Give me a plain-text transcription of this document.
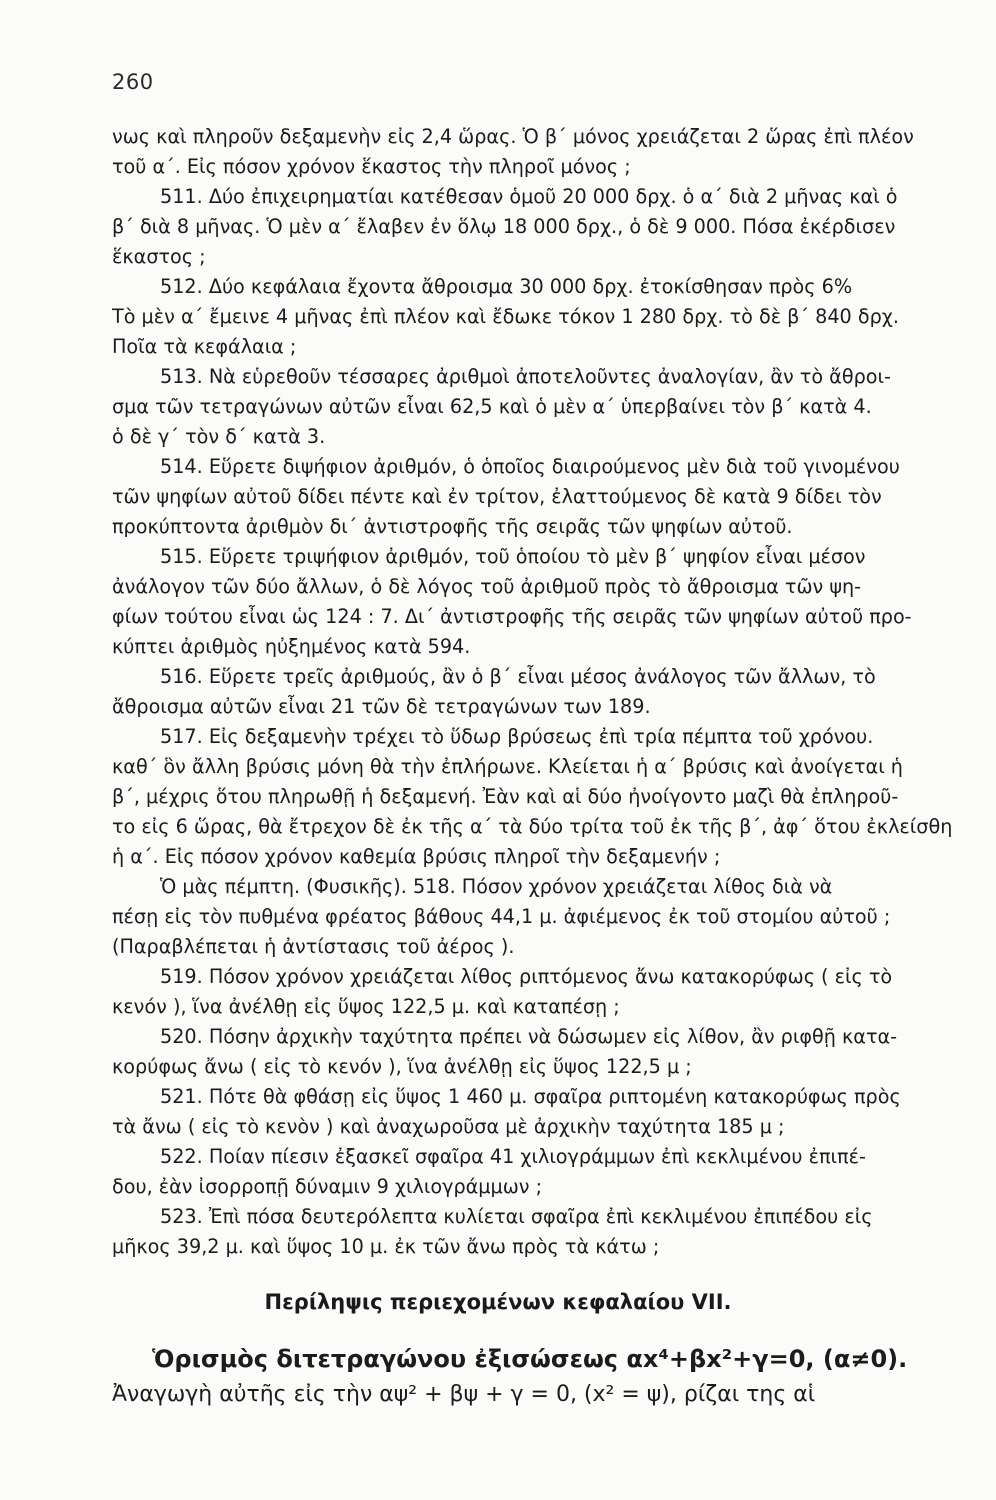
260
νως καὶ πληροῦν δεξαμενὴν εἰς 2,4 ὥρας. Ὁ β΄ μόνος χρειάζεται 2 ὥρας ἐπὶ πλέον
τοῦ α΄. Εἰς πόσον χρόνον ἕκαστος τὴν πληροῖ μόνος ;
511. Δύο ἐπιχειρηματίαι κατέθεσαν ὁμοῦ 20 000 δρχ. ὁ α΄ διὰ 2 μῆνας καὶ ὁ
β΄ διὰ 8 μῆνας. Ὁ μὲν α΄ ἔλαβεν ἐν ὅλῳ 18 000 δρχ., ὁ δὲ 9 000. Πόσα ἐκέρδισεν
ἕκαστος ;
512. Δύο κεφάλαια ἔχοντα ἄθροισμα 30 000 δρχ. ἐτοκίσθησαν πρὸς 6%
Τὸ μὲν α΄ ἔμεινε 4 μῆνας ἐπὶ πλέον καὶ ἔδωκε τόκον 1 280 δρχ. τὸ δὲ β΄ 840 δρχ.
Ποῖα τὰ κεφάλαια ;
513. Νὰ εὑρεθοῦν τέσσαρες ἀριθμοὶ ἀποτελοῦντες ἀναλογίαν, ἂν τὸ ἄθροι-
σμα τῶν τετραγώνων αὐτῶν εἶναι 62,5 καὶ ὁ μὲν α΄ ὑπερβαίνει τὸν β΄ κατὰ 4.
ὁ δὲ γ΄ τὸν δ΄ κατὰ 3.
514. Εὕρετε διψήφιον ἀριθμόν, ὁ ὁποῖος διαιρούμενος μὲν διὰ τοῦ γινομένου
τῶν ψηφίων αὐτοῦ δίδει πέντε καὶ ἐν τρίτον, ἐλαττούμενος δὲ κατὰ 9 δίδει τὸν
προκύπτοντα ἀριθμὸν δι΄ ἀντιστροφῆς τῆς σειρᾶς τῶν ψηφίων αὐτοῦ.
515. Εὕρετε τριψήφιον ἀριθμόν, τοῦ ὁποίου τὸ μὲν β΄ ψηφίον εἶναι μέσον
ἀνάλογον τῶν δύο ἄλλων, ὁ δὲ λόγος τοῦ ἀριθμοῦ πρὸς τὸ ἄθροισμα τῶν ψη-
φίων τούτου εἶναι ὡς 124 : 7. Δι΄ ἀντιστροφῆς τῆς σειρᾶς τῶν ψηφίων αὐτοῦ προ-
κύπτει ἀριθμὸς ηὐξημένος κατὰ 594.
516. Εὕρετε τρεῖς ἀριθμούς, ἂν ὁ β΄ εἶναι μέσος ἀνάλογος τῶν ἄλλων, τὸ
ἄθροισμα αὐτῶν εἶναι 21 τῶν δὲ τετραγώνων των 189.
517. Εἰς δεξαμενὴν τρέχει τὸ ὕδωρ βρύσεως ἐπὶ τρία πέμπτα τοῦ χρόνου.
καθ΄ ὃν ἄλλη βρύσις μόνη θὰ τὴν ἐπλήρωνε. Κλείεται ἡ α΄ βρύσις καὶ ἀνοίγεται ἡ
β΄, μέχρις ὅτου πληρωθῇ ἡ δεξαμενή. Ἐὰν καὶ αἱ δύο ἠνοίγοντο μαζὶ θὰ ἐπληροῦ-
το εἰς 6 ὥρας, θὰ ἔτρεχον δὲ ἐκ τῆς α΄ τὰ δύο τρίτα τοῦ ἐκ τῆς β΄, ἀφ΄ ὅτου ἐκλείσθη
ἡ α΄. Εἰς πόσον χρόνον καθεμία βρύσις πληροῖ τὴν δεξαμενήν ;
Ὁ μὰς πέμπτη. (Φυσικῆς). 518. Πόσον χρόνον χρειάζεται λίθος διὰ νὰ
πέσῃ εἰς τὸν πυθμένα φρέατος βάθους 44,1 μ. ἀφιέμενος ἐκ τοῦ στομίου αὐτοῦ ;
(Παραβλέπεται ἡ ἀντίστασις τοῦ ἀέρος ).
519. Πόσον χρόνον χρειάζεται λίθος ριπτόμενος ἄνω κατακορύφως ( εἰς τὸ
κενόν ), ἵνα ἀνέλθῃ εἰς ὕψος 122,5 μ. καὶ καταπέσῃ ;
520. Πόσην ἀρχικὴν ταχύτητα πρέπει νὰ δώσωμεν εἰς λίθον, ἂν ριφθῇ κατα-
κορύφως ἄνω ( εἰς τὸ κενόν ), ἵνα ἀνέλθῃ εἰς ὕψος 122,5 μ ;
521. Πότε θὰ φθάσῃ εἰς ὕψος 1 460 μ. σφαῖρα ριπτομένη κατακορύφως πρὸς
τὰ ἄνω ( εἰς τὸ κενὸν ) καὶ ἀναχωροῦσα μὲ ἀρχικὴν ταχύτητα 185 μ ;
522. Ποίαν πίεσιν ἐξασκεῖ σφαῖρα 41 χιλιογράμμων ἐπὶ κεκλιμένου ἐπιπέ-
δου, ἐὰν ἰσορροπῇ δύναμιν 9 χιλιογράμμων ;
523. Ἐπὶ πόσα δευτερόλεπτα κυλίεται σφαῖρα ἐπὶ κεκλιμένου ἐπιπέδου εἰς
μῆκος 39,2 μ. καὶ ὕψος 10 μ. ἐκ τῶν ἄνω πρὸς τὰ κάτω ;
Περίληψις περιεχομένων κεφαλαίου VII.
Ὁρισμὸς διτετραγώνου ἐξισώσεως αx⁴+βx²+γ=0, (α≠0).
Ἀναγωγὴ αὐτῆς εἰς τὴν αψ² + βψ + γ = 0, (x² = ψ), ρίζαι της αἱ
